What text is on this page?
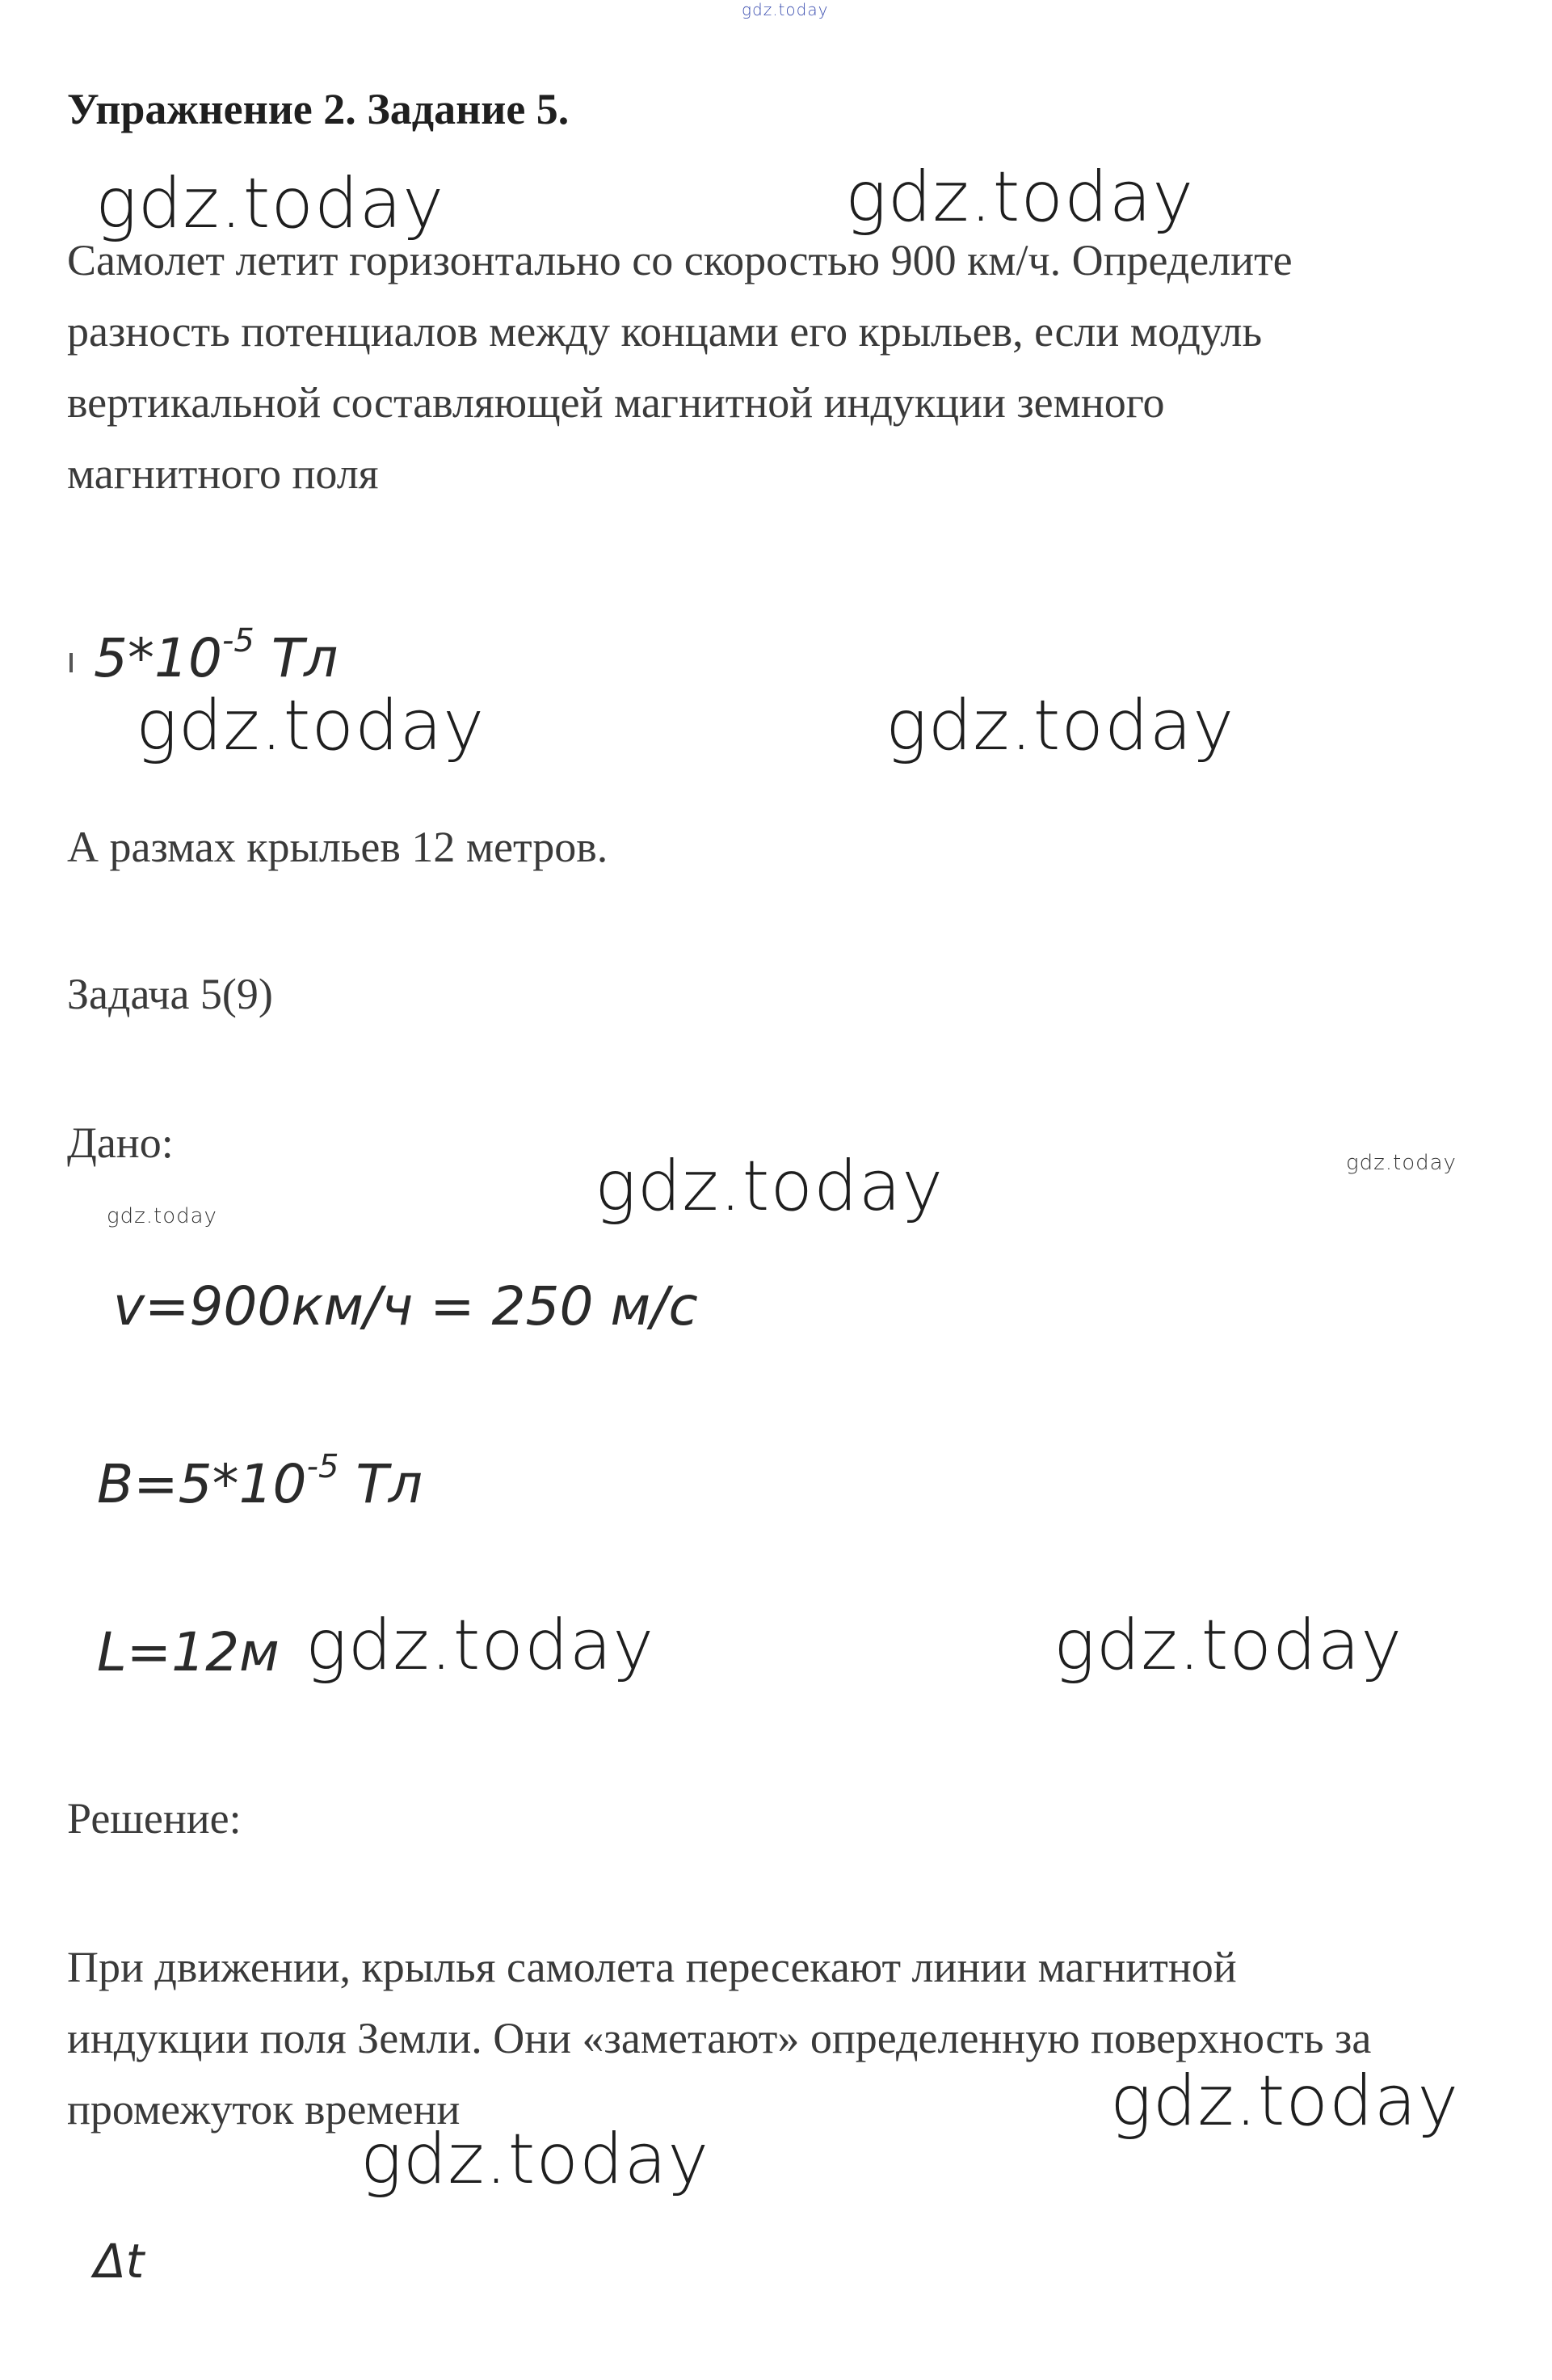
gdz.today
Упражнение 2. Задание 5.
gdz.today	gdz.today
Самолет летит горизонтально со скоростью 900 км/ч. Определите
разность потенциалов между концами его крыльев, если модуль
вертикальной составляющей магнитной индукции земного
магнитного поля
$5*10^{-5}$ Тл
gdz.today	gdz.today
А размах крыльев 12 метров.
Задача 5(9)
Дано:
gdz.today	gdz.today	gdz.today
v=900км/ч = 250 м/с
$B=5*10^{-5}$ Тл
L=12м gdz.today	gdz.today
Решение:
При движении, крылья самолета пересекают линии магнитной
индукции поля Земли. Они «заметают» определенную поверхность за
промежуток времени	gdz.today
gdz.today
Δt
